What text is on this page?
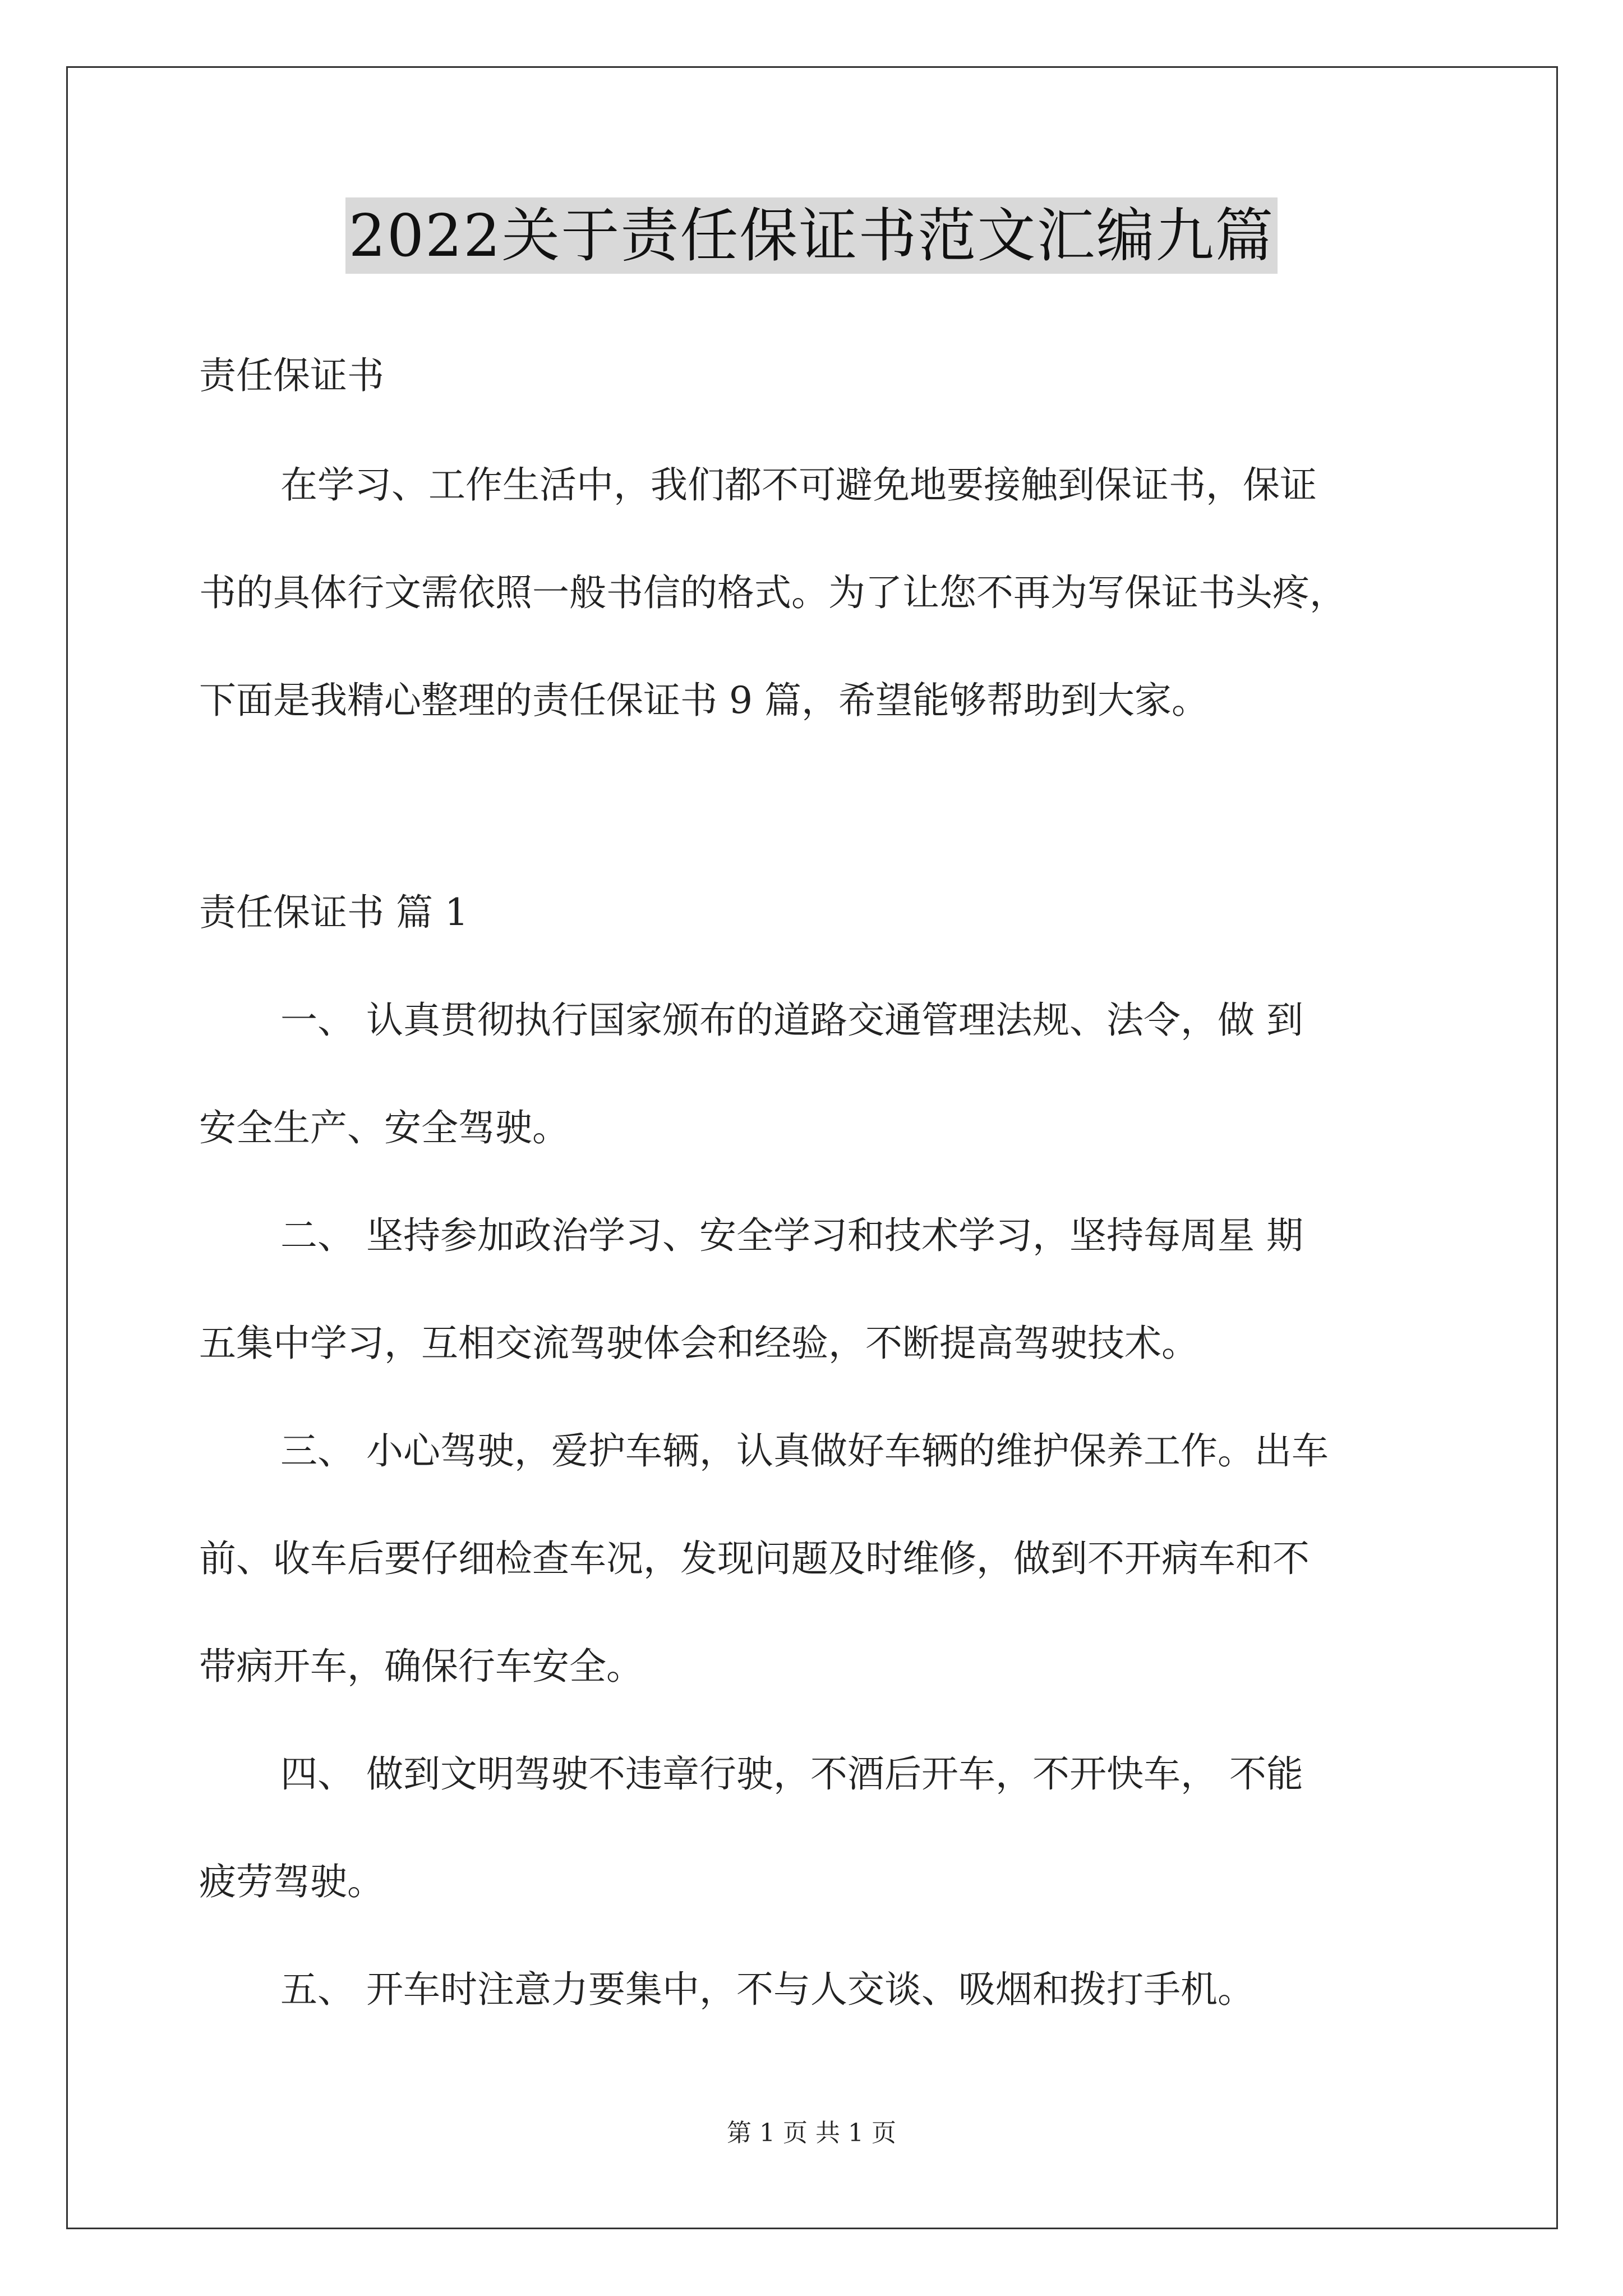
2022关于责任保证书范文汇编九篇
责任保证书
在学习、工作生活中，我们都不可避免地要接触到保证书，保证
书的具体行文需依照一般书信的格式。为了让您不再为写保证书头疼，
下面是我精心整理的责任保证书 9 篇，希望能够帮助到大家。
责任保证书 篇 1
一、 认真贯彻执行国家颁布的道路交通管理法规、法令，做 到
安全生产、安全驾驶。
二、 坚持参加政治学习、安全学习和技术学习，坚持每周星 期
五集中学习，互相交流驾驶体会和经验，不断提高驾驶技术。
三、 小心驾驶，爱护车辆，认真做好车辆的维护保养工作。出车
前、收车后要仔细检查车况，发现问题及时维修，做到不开病车和不
带病开车，确保行车安全。
四、 做到文明驾驶不违章行驶，不酒后开车，不开快车， 不能
疲劳驾驶。
五、 开车时注意力要集中，不与人交谈、吸烟和拨打手机。
第 1 页 共 1 页
